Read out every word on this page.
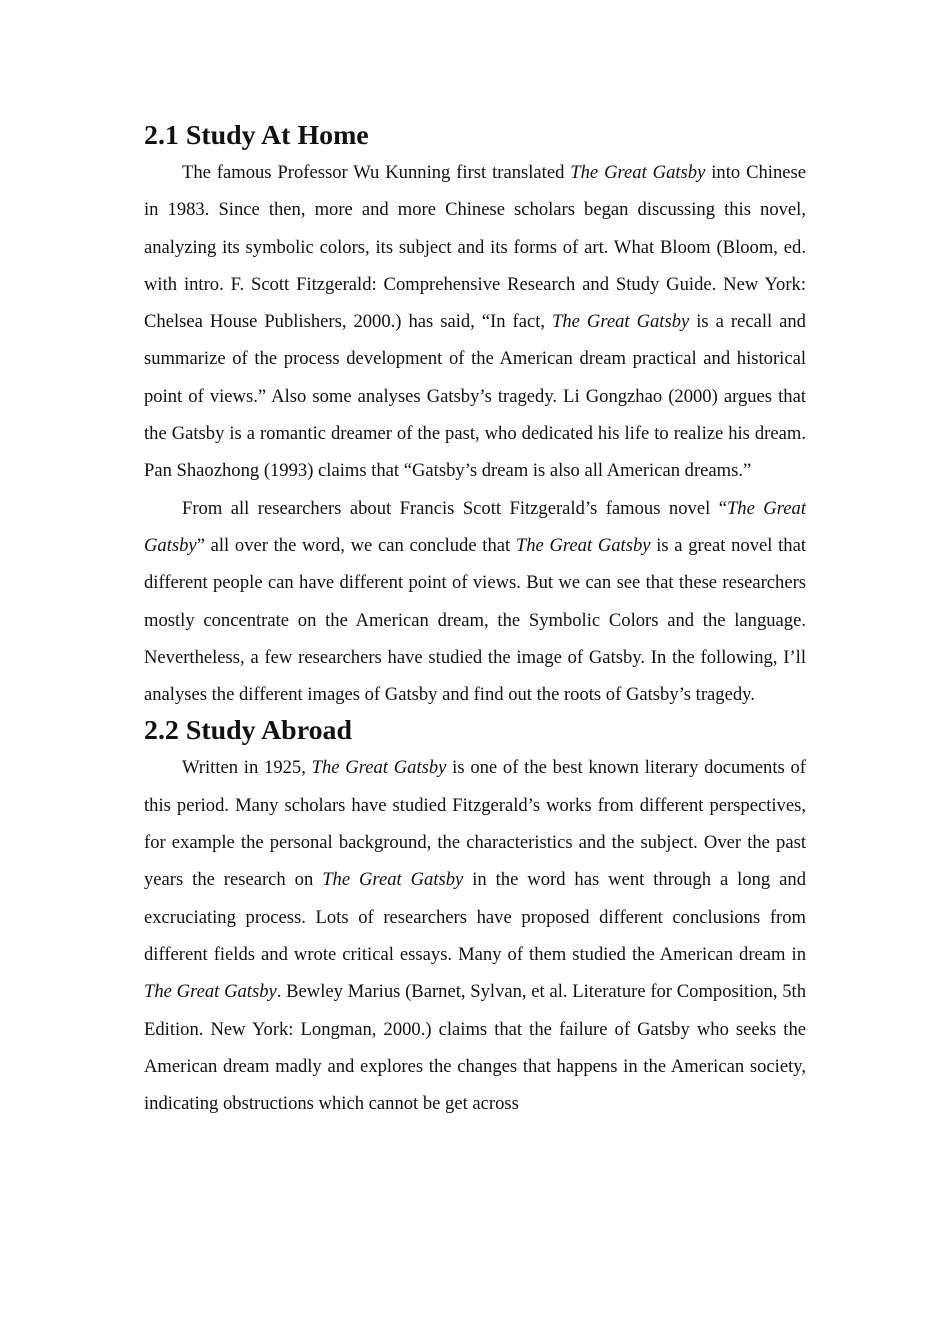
2.1 Study At Home

The famous Professor Wu Kunning first translated The Great Gatsby into Chinese in 1983. Since then, more and more Chinese scholars began discussing this novel, analyzing its symbolic colors, its subject and its forms of art. What Bloom (Bloom, ed. with intro. F. Scott Fitzgerald: Comprehensive Research and Study Guide. New York: Chelsea House Publishers, 2000.) has said, “In fact, The Great Gatsby is a recall and summarize of the process development of the American dream practical and historical point of views.” Also some analyses Gatsby’s tragedy. Li Gongzhao (2000) argues that the Gatsby is a romantic dreamer of the past, who dedicated his life to realize his dream. Pan Shaozhong (1993) claims that “Gatsby’s dream is also all American dreams.”

From all researchers about Francis Scott Fitzgerald’s famous novel “The Great Gatsby” all over the word, we can conclude that The Great Gatsby is a great novel that different people can have different point of views. But we can see that these researchers mostly concentrate on the American dream, the Symbolic Colors and the language. Nevertheless, a few researchers have studied the image of Gatsby. In the following, I’ll analyses the different images of Gatsby and find out the roots of Gatsby’s tragedy.

2.2 Study Abroad

Written in 1925, The Great Gatsby is one of the best known literary documents of this period. Many scholars have studied Fitzgerald’s works from different perspectives, for example the personal background, the characteristics and the subject. Over the past years the research on The Great Gatsby in the word has went through a long and excruciating process. Lots of researchers have proposed different conclusions from different fields and wrote critical essays. Many of them studied the American dream in The Great Gatsby. Bewley Marius (Barnet, Sylvan, et al. Literature for Composition, 5th Edition. New York: Longman, 2000.) claims that the failure of Gatsby who seeks the American dream madly and explores the changes that happens in the American society, indicating obstructions which cannot be get across
